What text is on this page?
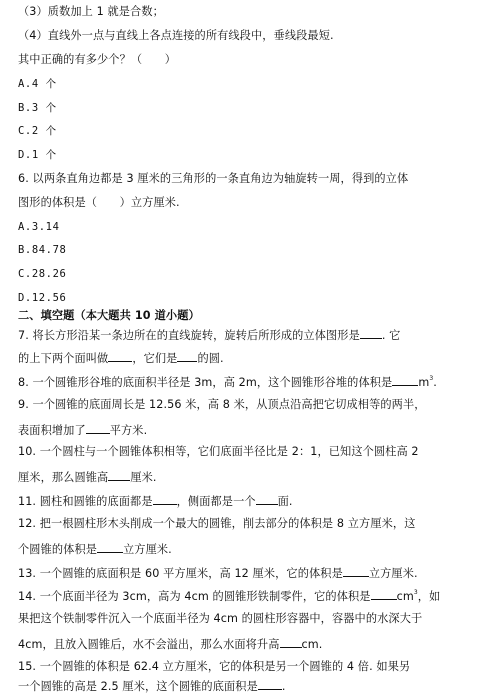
（3）质数加上 1 就是合数；
（4）直线外一点与直线上各点连接的所有线段中，垂线段最短.
其中正确的有多少个？（　　）
A.4 个
B.3 个
C.2 个
D.1 个
6. 以两条直角边都是 3 厘米的三角形的一条直角边为轴旋转一周，得到的立体
图形的体积是（　　）立方厘米.
A.3.14
B.84.78
C.28.26
D.12.56
二、填空题（本大题共 10 道小题）
7. 将长方形沿某一条边所在的直线旋转，旋转后所形成的立体图形是 . 它
的上下两个面叫做 ，它们是 的圆.
8. 一个圆锥形谷堆的底面积半径是 3m，高 2m，这个圆锥形谷堆的体积是 $m^3$.
9. 一个圆锥的底面周长是 12.56 米，高 8 米，从顶点沿高把它切成相等的两半，
表面积增加了 平方米.
10. 一个圆柱与一个圆锥体积相等，它们底面半径比是 2：1，已知这个圆柱高 2
厘米，那么圆锥高 厘米.
11. 圆柱和圆锥的底面都是 ，侧面都是一个 面.
12. 把一根圆柱形木头削成一个最大的圆锥，削去部分的体积是 8 立方厘米，这
个圆锥的体积是 立方厘米.
13. 一个圆锥的底面积是 60 平方厘米，高 12 厘米，它的体积是 立方厘米.
14. 一个底面半径为 3cm，高为 4cm 的圆锥形铁制零件，它的体积是 $cm^3$，如
果把这个铁制零件沉入一个底面半径为 4cm 的圆柱形容器中，容器中的水深大于
4cm，且放入圆锥后，水不会溢出，那么水面将升高 cm.
15. 一个圆锥的体积是 62.4 立方厘米，它的体积是另一个圆锥的 4 倍. 如果另
一个圆锥的高是 2.5 厘米，这个圆锥的底面积是 .
